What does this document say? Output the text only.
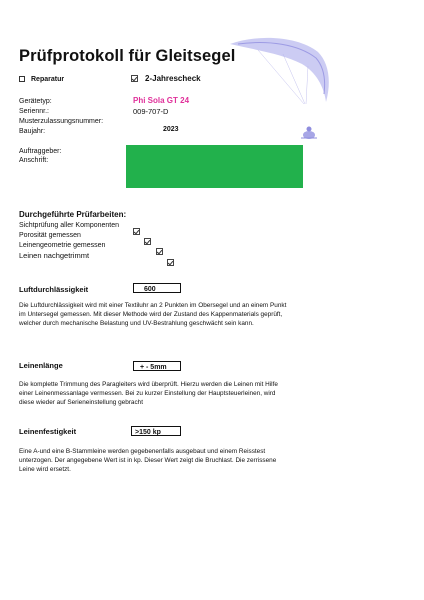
Prüfprotokoll für Gleitsegel
Reparatur	2-Jahrescheck
Gerätetyp:	Phi Sola GT 24
Seriennr.:	009-707-D
Musterzulassungsnummer:
Baujahr:	2023
Auftraggeber:
Anschrift:
Durchgeführte Prüfarbeiten:
Sichtprüfung aller Komponenten

Porosität gemessen

Leinengeometrie gemessen

Leinen nachgetrimmt
Luftdurchlässigkeit	600
Die Luftdurchlässigkeit wird mit einer Textiluhr an 2 Punkten im Obersegel und an einem Punkt im Untersegel gemessen. Mit dieser Methode wird der Zustand des Kappenmaterials geprüft, welcher durch mechanische Belastung und UV-Bestrahlung geschwächt sein kann.
Leinenlänge	+ - 5mm
Die komplette Trimmung des Paragleiters wird überprüft. Hierzu werden die Leinen mit Hilfe einer Leinenmessanlage vermessen. Bei zu kurzer Einstellung der Hauptsteuerleinen, wird diese wieder auf Serieneinstellung gebracht
Leinenfestigkeit	>150 kp
Eine A-und eine B-Stammleine werden gegebenenfalls ausgebaut und einem Reisstest unterzogen. Der angegebene Wert ist in kp. Dieser Wert zeigt die Bruchlast. Die zerrissene Leine wird ersetzt.
